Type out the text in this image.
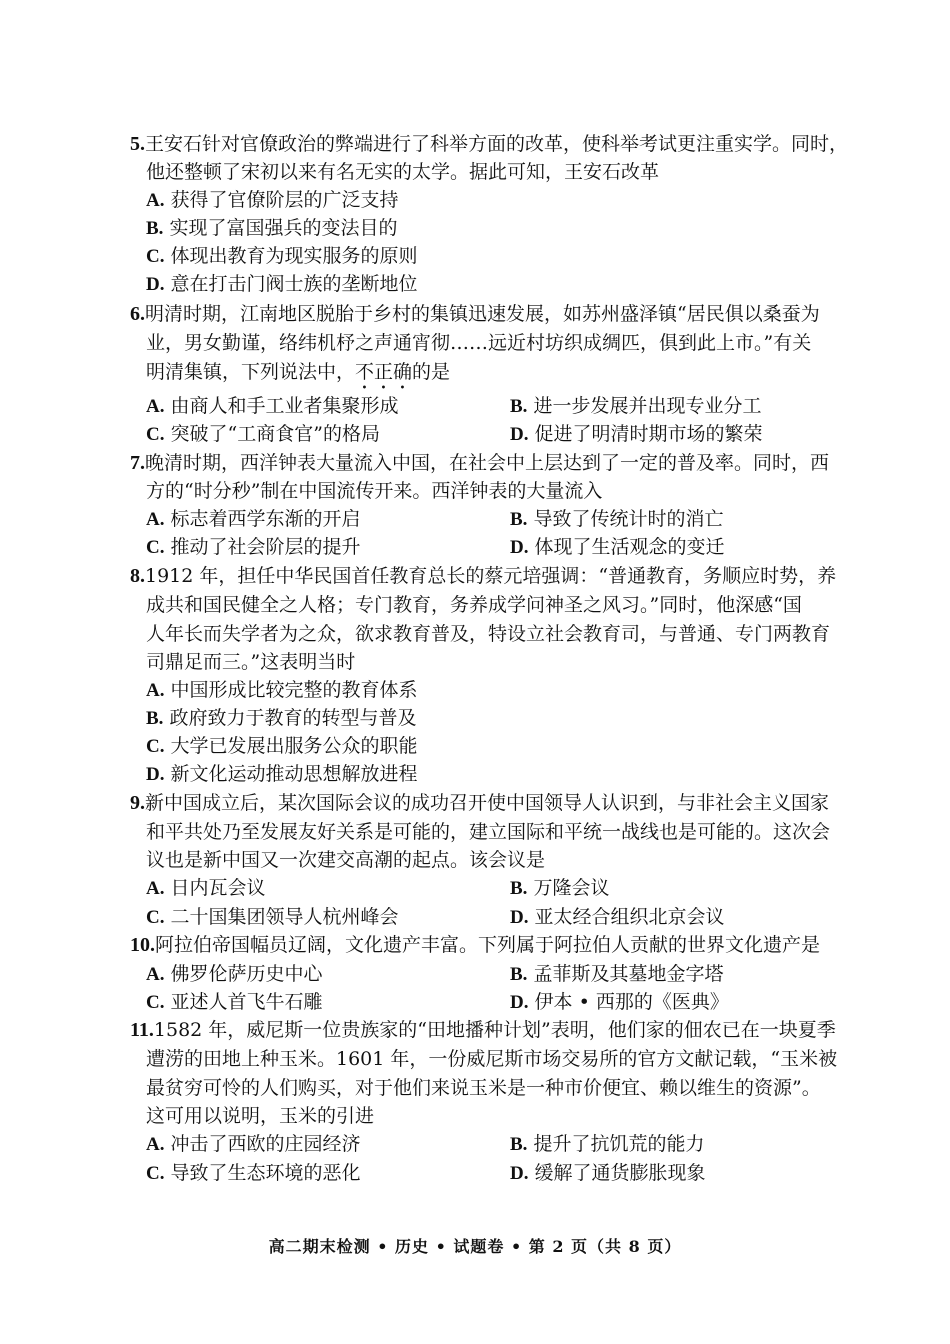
5.王安石针对官僚政治的弊端进行了科举方面的改革，使科举考试更注重实学。同时，
他还整顿了宋初以来有名无实的太学。据此可知，王安石改革
A. 获得了官僚阶层的广泛支持
B. 实现了富国强兵的变法目的
C. 体现出教育为现实服务的原则
D. 意在打击门阀士族的垄断地位
6.明清时期，江南地区脱胎于乡村的集镇迅速发展，如苏州盛泽镇“居民俱以桑蚕为
业，男女勤谨，络纬机杼之声通宵彻……远近村坊织成绸匹，俱到此上市。”有关
明清集镇，下列说法中，不正确的是
A. 由商人和手工业者集聚形成	B. 进一步发展并出现专业分工
C. 突破了“工商食官”的格局	D. 促进了明清时期市场的繁荣
7.晚清时期，西洋钟表大量流入中国，在社会中上层达到了一定的普及率。同时，西
方的“时分秒”制在中国流传开来。西洋钟表的大量流入
A. 标志着西学东渐的开启	B. 导致了传统计时的消亡
C. 推动了社会阶层的提升	D. 体现了生活观念的变迁
8.1912 年，担任中华民国首任教育总长的蔡元培强调：“普通教育，务顺应时势，养
成共和国民健全之人格；专门教育，务养成学问神圣之风习。”同时，他深感“国
人年长而失学者为之众，欲求教育普及，特设立社会教育司，与普通、专门两教育
司鼎足而三。”这表明当时
A. 中国形成比较完整的教育体系
B. 政府致力于教育的转型与普及
C. 大学已发展出服务公众的职能
D. 新文化运动推动思想解放进程
9.新中国成立后，某次国际会议的成功召开使中国领导人认识到，与非社会主义国家
和平共处乃至发展友好关系是可能的，建立国际和平统一战线也是可能的。这次会
议也是新中国又一次建交高潮的起点。该会议是
A. 日内瓦会议	B. 万隆会议
C. 二十国集团领导人杭州峰会	D. 亚太经合组织北京会议
10.阿拉伯帝国幅员辽阔，文化遗产丰富。下列属于阿拉伯人贡献的世界文化遗产是
A. 佛罗伦萨历史中心	B. 孟菲斯及其墓地金字塔
C. 亚述人首飞牛石雕	D. 伊本 • 西那的《医典》
11.1582 年，威尼斯一位贵族家的“田地播种计划”表明，他们家的佃农已在一块夏季
遭涝的田地上种玉米。1601 年，一份威尼斯市场交易所的官方文献记载，“玉米被
最贫穷可怜的人们购买，对于他们来说玉米是一种市价便宜、赖以维生的资源”。
这可用以说明，玉米的引进
A. 冲击了西欧的庄园经济	B. 提升了抗饥荒的能力
C. 导致了生态环境的恶化	D. 缓解了通货膨胀现象
高二期末检测 • 历史 • 试题卷 • 第 2 页（共 8 页）
